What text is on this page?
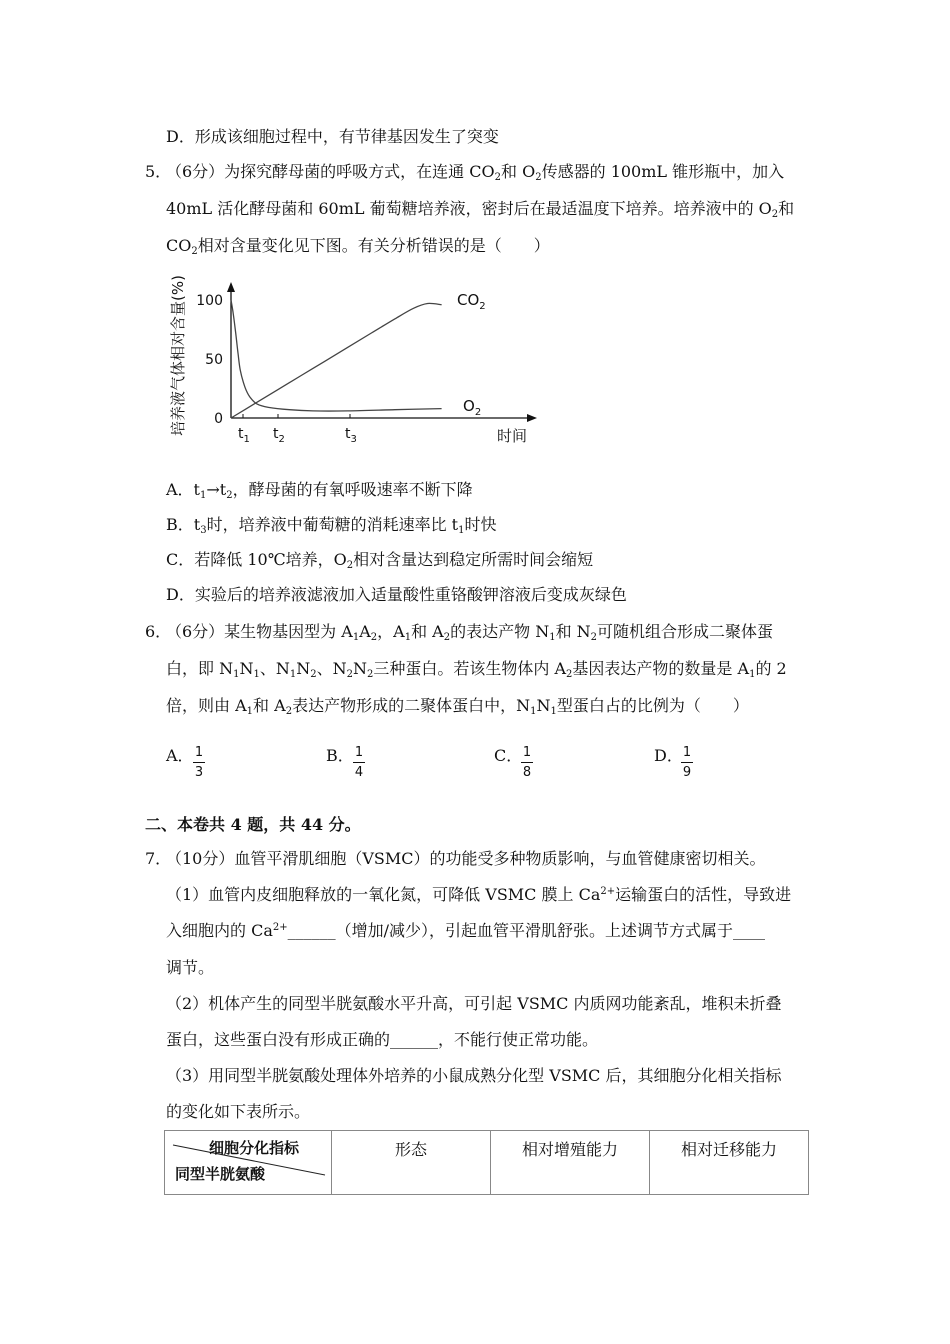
D．形成该细胞过程中，有节律基因发生了突变
5．
（6分）为探究酵母菌的呼吸方式，在连通 $CO_2$和 $O_2$传感器的 100mL 锥形瓶中，加入
40mL 活化酵母菌和 60mL 葡萄糖培养液，密封后在最适温度下培养。培养液中的 $O_2$和
$CO_2$相对含量变化见下图。有关分析错误的是（　　）
培养液气体相对含量(%) 100
50
0
$t_1$ $t_2$	$t_3$	时间
$CO_2$
$O_2$
A．$t_1\to t_2$，酵母菌的有氧呼吸速率不断下降
B．$t_3$时，培养液中葡萄糖的消耗速率比 $t_1$时快
C．若降低 10℃培养，$O_2$相对含量达到稳定所需时间会缩短
D．实验后的培养液滤液加入适量酸性重铬酸钾溶液后变成灰绿色
6．
（6分）某生物基因型为 $A_1A_2$，$A_1$和 $A_2$的表达产物 $N_1$和 $N_2$可随机组合形成二聚体蛋
白，即 $N_1N_1$、$N_1N_2$、$N_2N_2$三种蛋白。若该生物体内 $A_2$基因表达产物的数量是 $A_1$的 2
倍，则由 $A_1$和 $A_2$表达产物形成的二聚体蛋白中，$N_1N_1$型蛋白占的比例为（　　）
A． 1
3
B． 1
4
C． 1
8
D． 1
9
二、本卷共 4 题，共 44 分。
7．
（10分）血管平滑肌细胞（VSMC）的功能受多种物质影响，与血管健康密切相关。
（1）血管内皮细胞释放的一氧化氮，可降低 VSMC 膜上 $Ca^{2+}$运输蛋白的活性，导致进
入细胞内的 $Ca^{2+}\_\_\_\_\_\_$（增加/减少），引起血管平滑肌舒张。上述调节方式属于____
调节。
（2）机体产生的同型半胱氨酸水平升高，可引起 VSMC 内质网功能紊乱，堆积未折叠
蛋白，这些蛋白没有形成正确的______，不能行使正常功能。
（3）用同型半胱氨酸处理体外培养的小鼠成熟分化型 VSMC 后，其细胞分化相关指标
的变化如下表所示。
细胞分化指标
同型半胱氨酸
	形态	相对增殖能力	相对迁移能力
